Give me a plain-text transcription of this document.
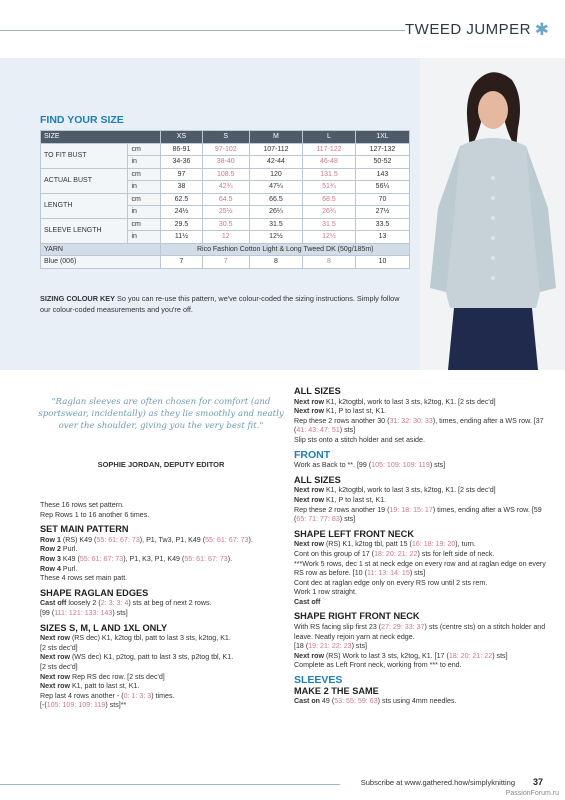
TWEED JUMPER ✱
FIND YOUR SIZE
SIZE		XS	S	M	L	1XL
TO FIT BUST	cm	86-91	97-102	107-112	117-122	127-132
	in	34-36	38-40	42-44	46-48	50-52
ACTUAL BUST	cm	97	108.5	120	131.5	143
	in	38	42¾	47¼	51¾	56¼
LENGTH	cm	62.5	64.5	66.5	68.5	70
	in	24½	25½	26¼	26¾	27½
SLEEVE LENGTH	cm	29.5	30.5	31.5	31.5	33.5
	in	11½	12	12½	12½	13
YARN		Rico Fashion Cotton Light & Long Tweed DK (50g/185m)				
Blue (006)		7	7	8	8	10
SIZING COLOUR KEY So you can re-use this pattern, we've colour-coded the sizing instructions. Simply follow our colour-coded measurements and you're off.
"Raglan sleeves are often chosen for comfort (and sportswear, incidentally) as they lie smoothly and neatly over the shoulder, giving you the very best fit."
SOPHIE JORDAN, DEPUTY EDITOR

These 16 rows set pattern.

Rep Rows 1 to 16 another 6 times.

SET MAIN PATTERN

Row 1 (RS) K49 (55: 61: 67: 73), P1, Tw3, P1, K49 (55: 61: 67: 73).

Row 2 Purl.

Row 3 K49 (55: 61: 67: 73), P1, K3, P1, K49 (55: 61: 67: 73).

Row 4 Purl.

These 4 rows set main patt.

SHAPE RAGLAN EDGES

Cast off loosely 2 (2: 3: 3: 4) sts at beg of next 2 rows.

[99 (111: 121: 133: 143) sts]

SIZES S, M, L AND 1XL ONLY

Next row (RS dec) K1, k2tog tbl, patt to last 3 sts, k2tog, K1.

[2 sts dec'd]

Next row (WS dec) K1, p2tog, patt to last 3 sts, p2tog tbl, K1.

[2 sts dec'd]

Next row Rep RS dec row. [2 sts dec'd]

Next row K1, patt to last st, K1.

Rep last 4 rows another - (0: 1: 3: 3) times.

[-(105: 109: 109: 119) sts]**

ALL SIZES

Next row K1, k2togtbl, work to last 3 sts, k2tog, K1. [2 sts dec'd]

Next row K1, P to last st, K1.

Rep these 2 rows another 30 (31: 32: 30: 33), times, ending after a WS row. [37 (41: 43: 47: 51) sts]

Slip sts onto a stitch holder and set aside.

FRONT

Work as Back to **. [99 (105: 109: 109: 119) sts]

ALL SIZES

Next row K1, k2togtbl, work to last 3 sts, k2tog, K1. [2 sts dec'd]

Next row K1, P to last st, K1.

Rep these 2 rows another 19 (19: 18: 15: 17) times, ending after a WS row. [59 (65: 71: 77: 83) sts]

SHAPE LEFT FRONT NECK

Next row (RS) K1, k2tog tbl, patt 15 (16: 18: 19: 20), turn.

Cont on this group of 17 (18: 20: 21: 22) sts for left side of neck.

***Work 5 rows, dec 1 st at neck edge on every row and at raglan edge on every RS row as before. [10 (11: 13: 14: 15) sts]

Cont dec at raglan edge only on every RS row until 2 sts rem.

Work 1 row straight.

Cast off

SHAPE RIGHT FRONT NECK

With RS facing slip first 23 (27: 29: 33: 37) sts (centre sts) on a stitch holder and leave. Neatly rejoin yarn at neck edge.

[18 (19: 21: 22: 23) sts]

Next row (RS) Work to last 3 sts, k2tog, K1. [17 (18: 20: 21: 22) sts]

Complete as Left Front neck, working from *** to end.

SLEEVES
MAKE 2 THE SAME

Cast on 49 (53: 55: 59: 63) sts using 4mm needles.

Subscribe at www.gathered.how/simplyknitting 37
PassionForum.ru
